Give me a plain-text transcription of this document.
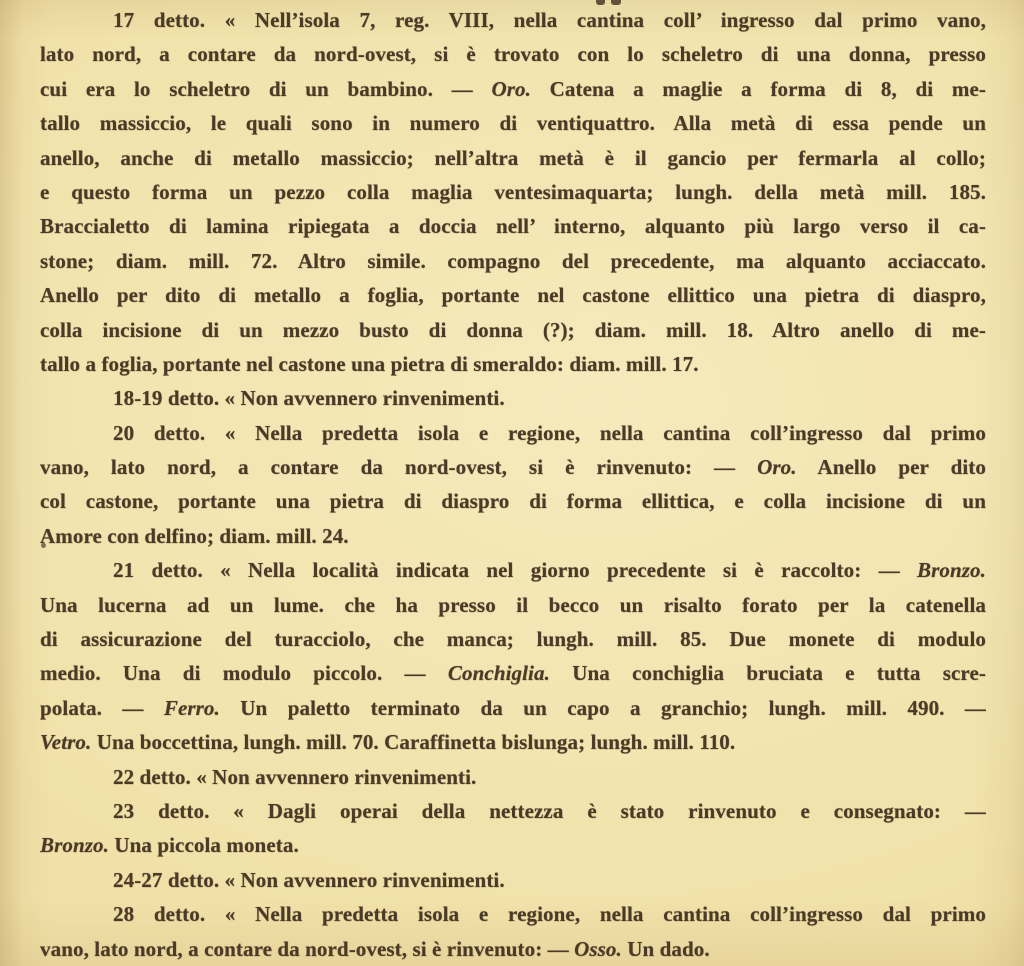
17 detto. « Nell’isola 7, reg. VIII, nella cantina coll’ ingresso dal primo vano,
lato nord, a contare da nord-ovest, si è trovato con lo scheletro di una donna, presso
cui era lo scheletro di un bambino. — Oro. Catena a maglie a forma di 8, di me-
tallo massiccio, le quali sono in numero di ventiquattro. Alla metà di essa pende un
anello, anche di metallo massiccio; nell’altra metà è il gancio per fermarla al collo;
e questo forma un pezzo colla maglia ventesimaquarta; lungh. della metà mill. 185.
Braccialetto di lamina ripiegata a doccia nell’ interno, alquanto più largo verso il ca-
stone; diam. mill. 72. Altro simile. compagno del precedente, ma alquanto acciaccato.
Anello per dito di metallo a foglia, portante nel castone ellittico una pietra di diaspro,
colla incisione di un mezzo busto di donna (?); diam. mill. 18. Altro anello di me-
tallo a foglia, portante nel castone una pietra di smeraldo: diam. mill. 17.
18-19 detto. « Non avvennero rinvenimenti.
20 detto. « Nella predetta isola e regione, nella cantina coll’ingresso dal primo
vano, lato nord, a contare da nord-ovest, si è rinvenuto: — Oro. Anello per dito
col castone, portante una pietra di diaspro di forma ellittica, e colla incisione di un
Amore con delfino; diam. mill. 24.
21 detto. « Nella località indicata nel giorno precedente si è raccolto: — Bronzo.
Una lucerna ad un lume. che ha presso il becco un risalto forato per la catenella
di assicurazione del turacciolo, che manca; lungh. mill. 85. Due monete di modulo
medio. Una di modulo piccolo. — Conchiglia. Una conchiglia bruciata e tutta scre-
polata. — Ferro. Un paletto terminato da un capo a granchio; lungh. mill. 490. —
Vetro. Una boccettina, lungh. mill. 70. Caraffinetta bislunga; lungh. mill. 110.
22 detto. « Non avvennero rinvenimenti.
23 detto. « Dagli operai della nettezza è stato rinvenuto e consegnato: —
Bronzo. Una piccola moneta.
24-27 detto. « Non avvennero rinvenimenti.
28 detto. « Nella predetta isola e regione, nella cantina coll’ingresso dal primo
vano, lato nord, a contare da nord-ovest, si è rinvenuto: — Osso. Un dado.
